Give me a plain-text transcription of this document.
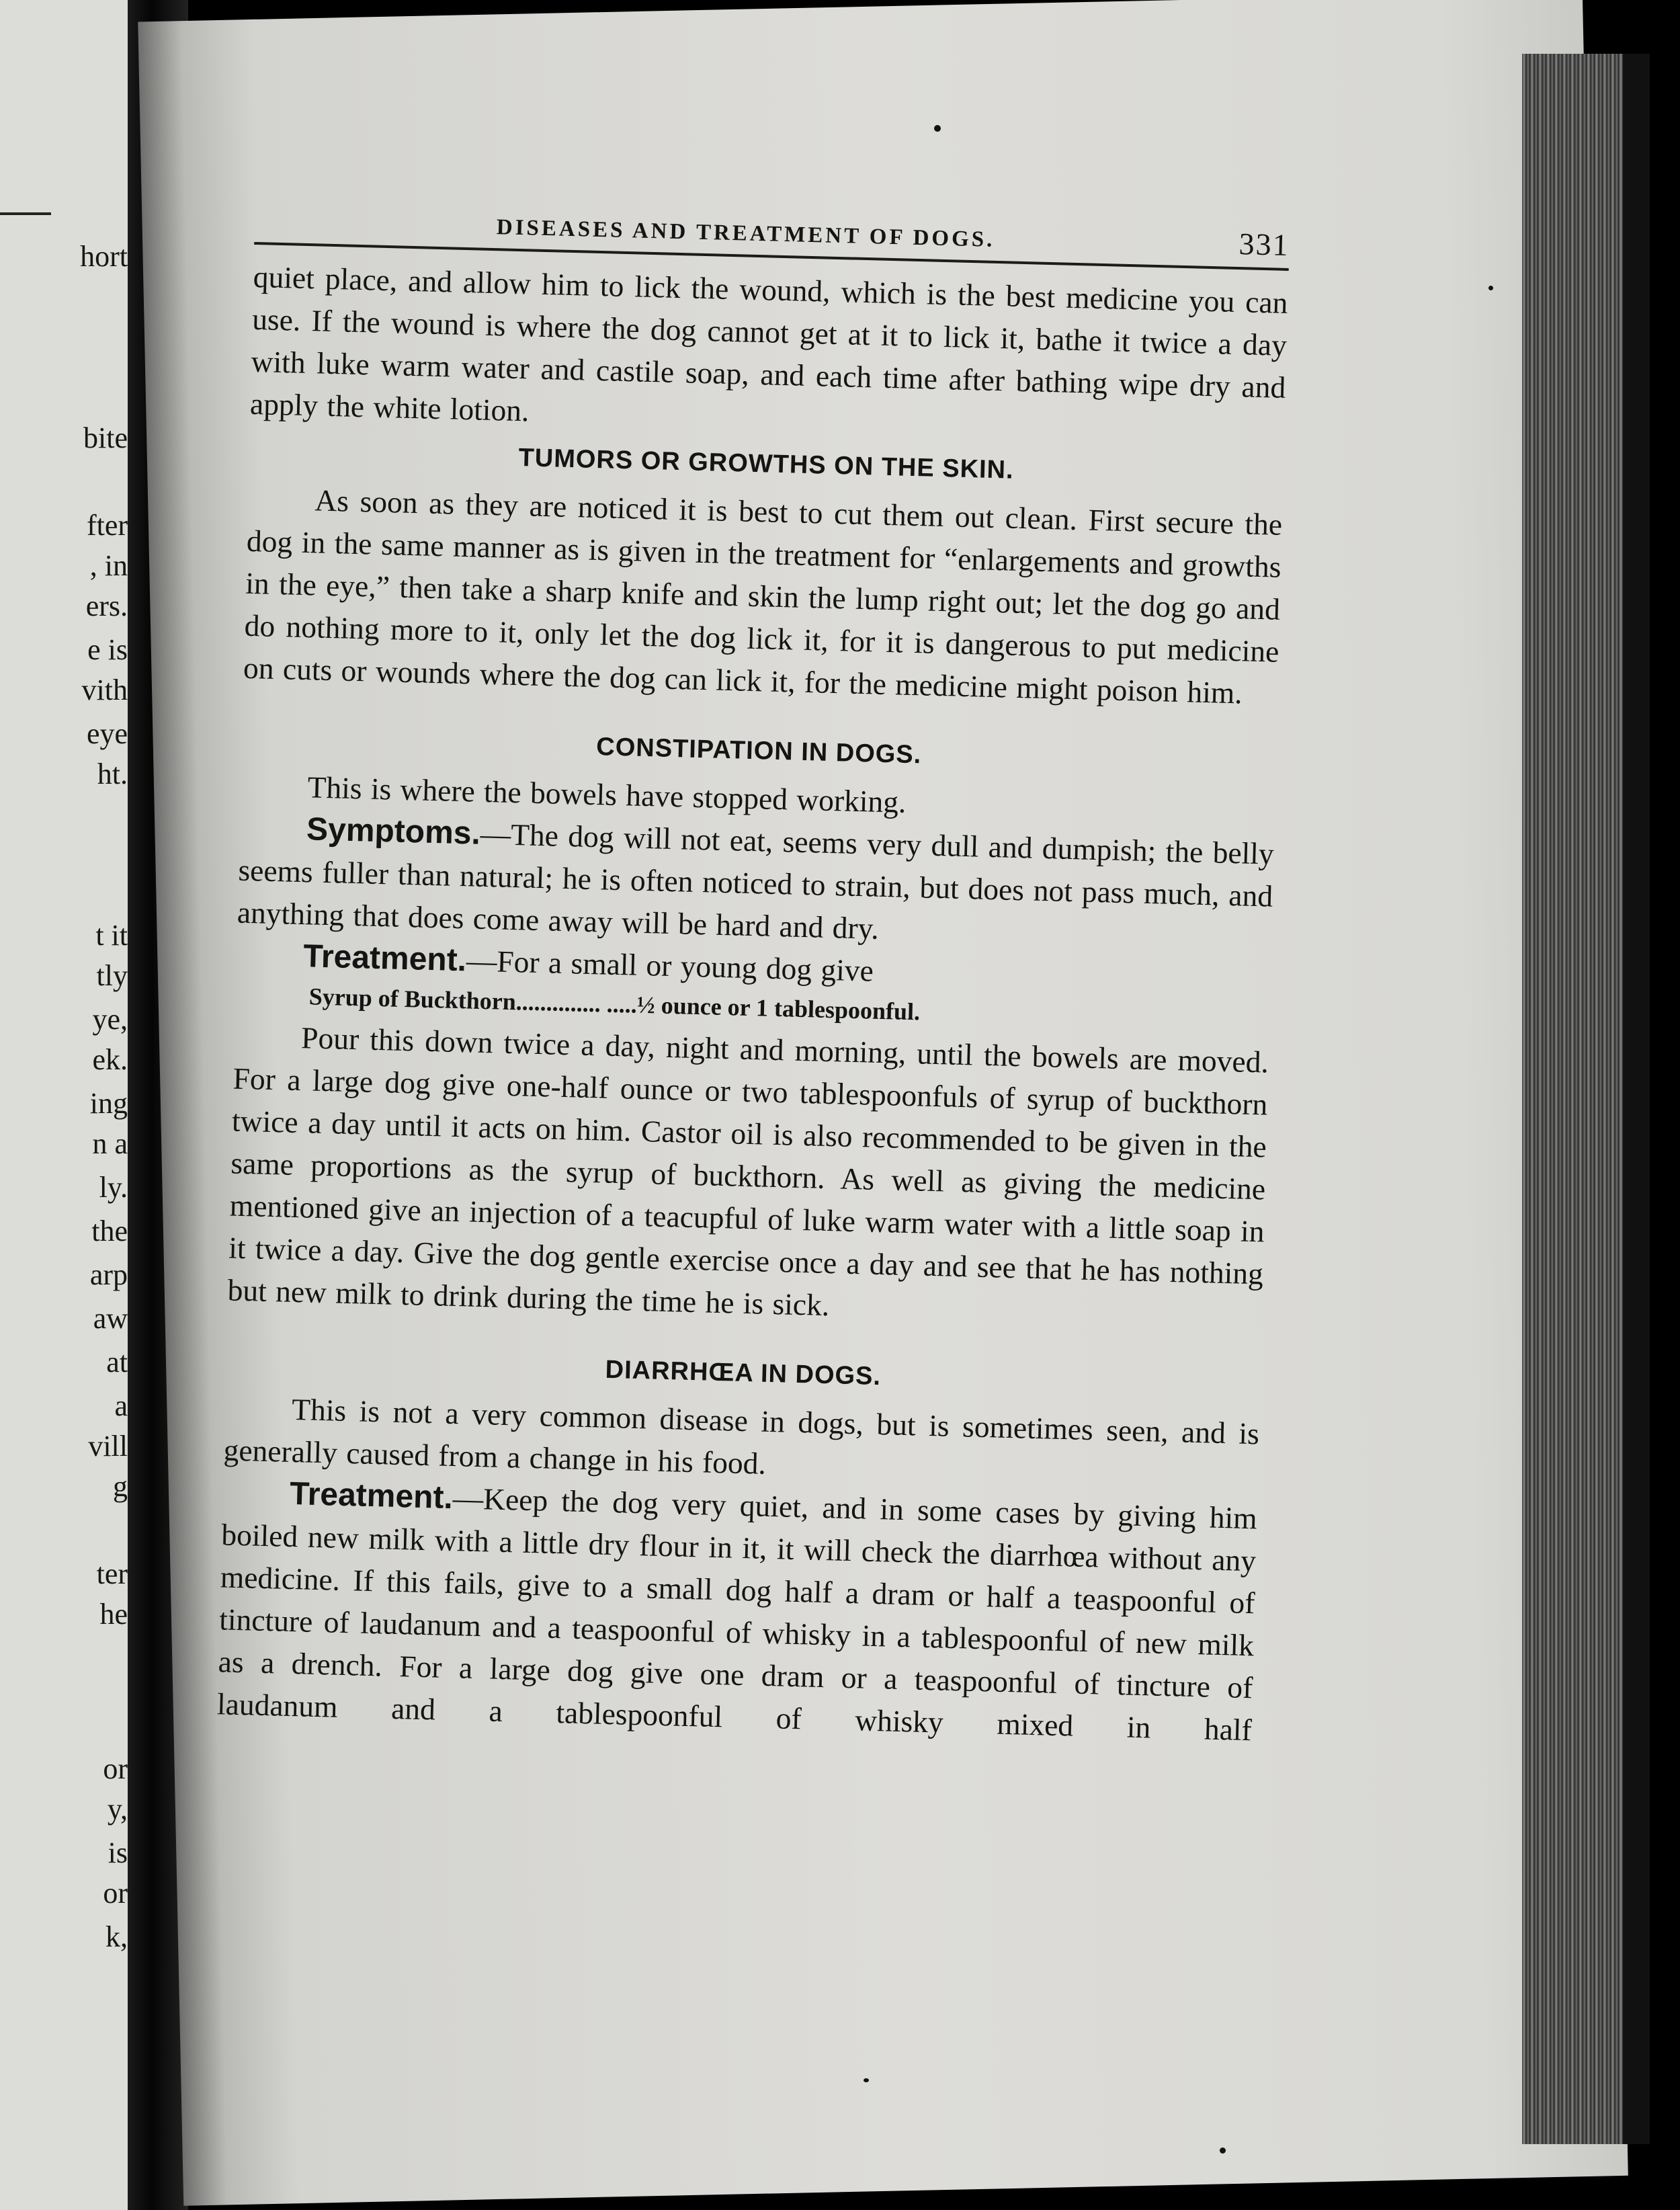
hort
bite
fter
, in
ers.
e is
vith
eye
ht.
t it
tly
ye,
ek.
ing
n a
ly.
the
arp
aw
at
a
vill
g
ter
he
or
y,
is
or
k,
DISEASES AND TREATMENT OF DOGS.	331

quiet place, and allow him to lick the wound, which is the best medicine you can use. If the wound is where the dog cannot get at it to lick it, bathe it twice a day with luke warm water and castile soap, and each time after bathing wipe dry and apply the white lotion.

TUMORS OR GROWTHS ON THE SKIN.

As soon as they are noticed it is best to cut them out clean. First secure the dog in the same manner as is given in the treatment for “enlargements and growths in the eye,” then take a sharp knife and skin the lump right out; let the dog go and do nothing more to it, only let the dog lick it, for it is dangerous to put medicine on cuts or wounds where the dog can lick it, for the medicine might poison him.

CONSTIPATION IN DOGS.

This is where the bowels have stopped working.

Symptoms.—The dog will not eat, seems very dull and dumpish; the belly seems fuller than natural; he is often noticed to strain, but does not pass much, and anything that does come away will be hard and dry.

Treatment.—For a small or young dog give

Syrup of Buckthorn.............. .....½ ounce or 1 tablespoonful.

Pour this down twice a day, night and morning, until the bowels are moved. For a large dog give one-half ounce or two tablespoonfuls of syrup of buckthorn twice a day until it acts on him. Castor oil is also recommended to be given in the same proportions as the syrup of buckthorn. As well as giving the medicine mentioned give an injection of a teacupful of luke warm water with a little soap in it twice a day. Give the dog gentle exercise once a day and see that he has nothing but new milk to drink during the time he is sick.

DIARRHŒA IN DOGS.

This is not a very common disease in dogs, but is sometimes seen, and is generally caused from a change in his food.

Treatment.—Keep the dog very quiet, and in some cases by giving him boiled new milk with a little dry flour in it, it will check the diarrhœa without any medicine. If this fails, give to a small dog half a dram or half a teaspoonful of tincture of laudanum and a teaspoonful of whisky in a tablespoonful of new milk as a drench. For a large dog give one dram or a teaspoonful of tincture of laudanum and a tablespoonful of whisky mixed in half
